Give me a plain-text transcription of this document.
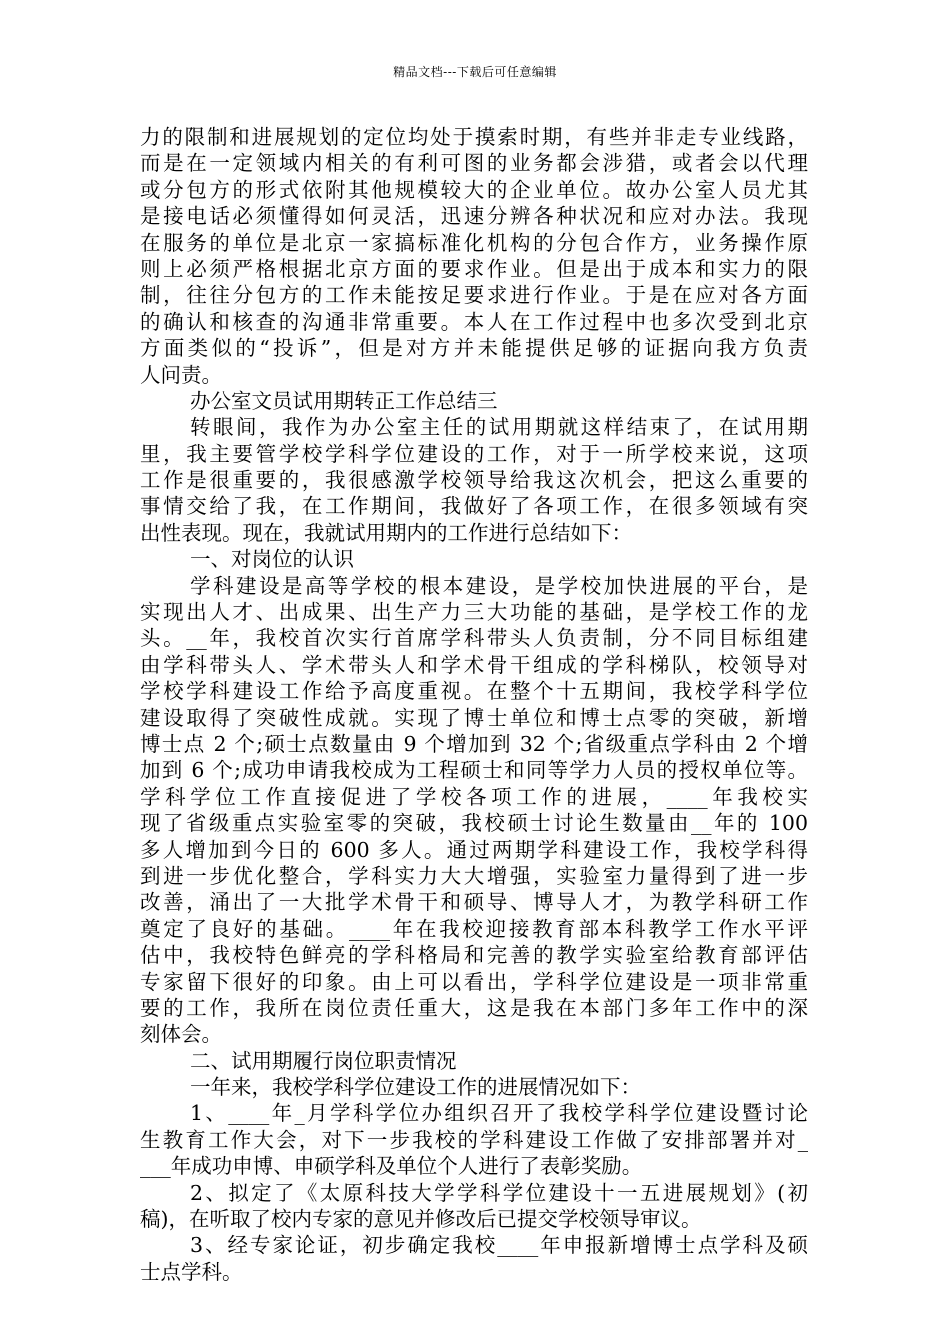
精品文档---下载后可任意编辑
力的限制和进展规划的定位均处于摸索时期，有些并非走专业线路，
而是在一定领域内相关的有利可图的业务都会涉猎，或者会以代理
或分包方的形式依附其他规模较大的企业单位。故办公室人员尤其
是接电话必须懂得如何灵活，迅速分辨各种状况和应对办法。我现
在服务的单位是北京一家搞标准化机构的分包合作方，业务操作原
则上必须严格根据北京方面的要求作业。但是出于成本和实力的限
制，往往分包方的工作未能按足要求进行作业。于是在应对各方面
的确认和核查的沟通非常重要。本人在工作过程中也多次受到北京
方面类似的“投诉”，但是对方并未能提供足够的证据向我方负责
人问责。
办公室文员试用期转正工作总结三
转眼间，我作为办公室主任的试用期就这样结束了，在试用期
里，我主要管学校学科学位建设的工作，对于一所学校来说，这项
工作是很重要的，我很感激学校领导给我这次机会，把这么重要的
事情交给了我，在工作期间，我做好了各项工作，在很多领域有突
出性表现。现在，我就试用期内的工作进行总结如下：
一、对岗位的认识
学科建设是高等学校的根本建设，是学校加快进展的平台，是
实现出人才、出成果、出生产力三大功能的基础，是学校工作的龙
头。__年，我校首次实行首席学科带头人负责制，分不同目标组建
由学科带头人、学术带头人和学术骨干组成的学科梯队，校领导对
学校学科建设工作给予高度重视。在整个十五期间，我校学科学位
建设取得了突破性成就。实现了博士单位和博士点零的突破，新增
博士点 2 个;硕士点数量由 9 个增加到 32 个;省级重点学科由 2 个增
加到 6 个;成功申请我校成为工程硕士和同等学力人员的授权单位等。
学科学位工作直接促进了学校各项工作的进展，____年我校实
现了省级重点实验室零的突破，我校硕士讨论生数量由__年的 100
多人增加到今日的 600 多人。通过两期学科建设工作，我校学科得
到进一步优化整合，学科实力大大增强，实验室力量得到了进一步
改善，涌出了一大批学术骨干和硕导、博导人才，为教学科研工作
奠定了良好的基础。____年在我校迎接教育部本科教学工作水平评
估中，我校特色鲜亮的学科格局和完善的教学实验室给教育部评估
专家留下很好的印象。由上可以看出，学科学位建设是一项非常重
要的工作，我所在岗位责任重大，这是我在本部门多年工作中的深
刻体会。
二、试用期履行岗位职责情况
一年来，我校学科学位建设工作的进展情况如下：
1、____年_月学科学位办组织召开了我校学科学位建设暨讨论
生教育工作大会，对下一步我校的学科建设工作做了安排部署并对_
___年成功申博、申硕学科及单位个人进行了表彰奖励。
2、拟定了《太原科技大学学科学位建设十一五进展规划》(初
稿)，在听取了校内专家的意见并修改后已提交学校领导审议。
3、经专家论证，初步确定我校____年申报新增博士点学科及硕
士点学科。
